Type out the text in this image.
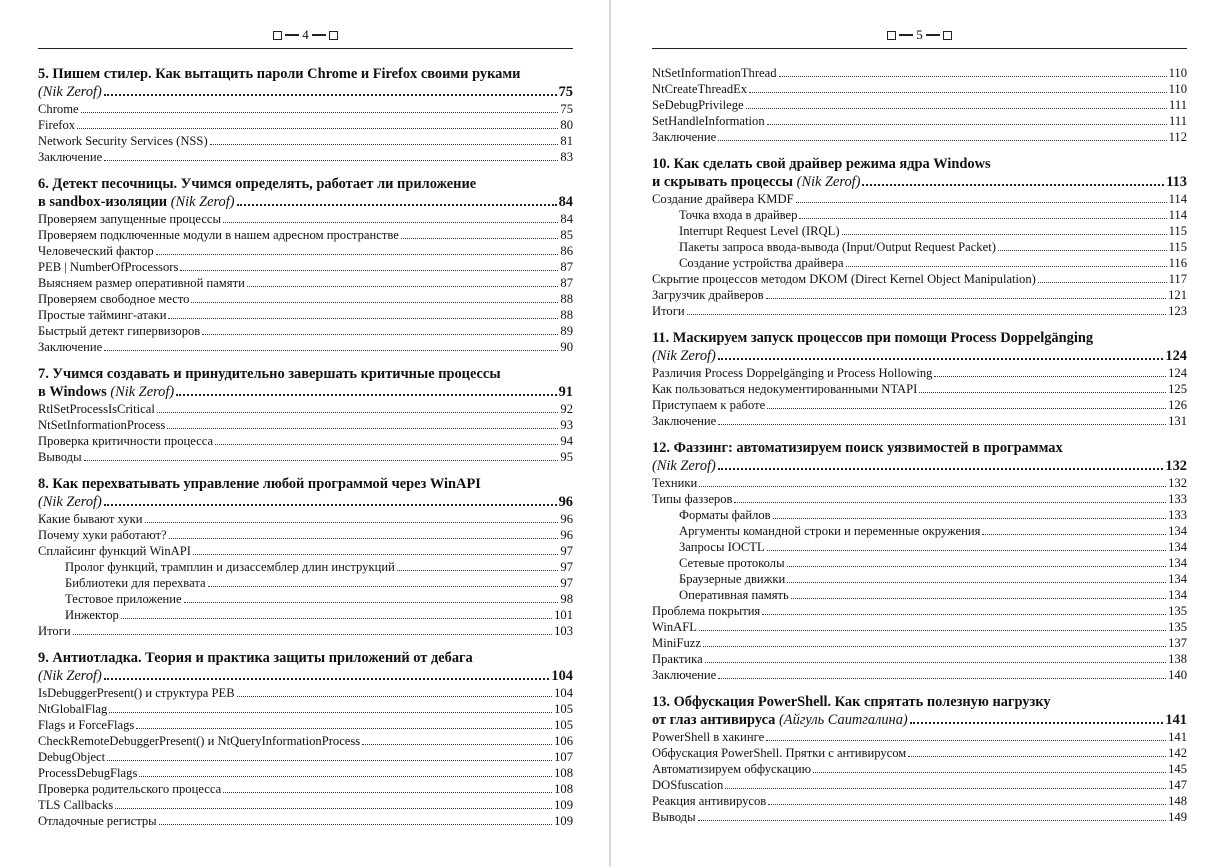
4
5. Пишем стилер. Как вытащить пароли Chrome и Firefox своими руками
(Nik Zerof)	75
Chrome	75
Firefox	80
Network Security Services (NSS)	81
Заключение	83
6. Детект песочницы. Учимся определять, работает ли приложение
в sandbox-изоляции (Nik Zerof)	84
Проверяем запущенные процессы	84
Проверяем подключенные модули в нашем адресном пространстве	85
Человеческий фактор	86
PEB | NumberOfProcessors	87
Выясняем размер оперативной памяти	87
Проверяем свободное место	88
Простые тайминг-атаки	88
Быстрый детект гипервизоров	89
Заключение	90
7. Учимся создавать и принудительно завершать критичные процессы
в Windows (Nik Zerof)	91
RtlSetProcessIsCritical	92
NtSetInformationProcess	93
Проверка критичности процесса	94
Выводы	95
8. Как перехватывать управление любой программой через WinAPI
(Nik Zerof)	96
Какие бывают хуки	96
Почему хуки работают?	96
Сплайсинг функций WinAPI	97
Пролог функций, трамплин и дизассемблер длин инструкций	97
Библиотеки для перехвата	97
Тестовое приложение	98
Инжектор	101
Итоги	103
9. Антиотладка. Теория и практика защиты приложений от дебага
(Nik Zerof)	104
IsDebuggerPresent() и структура PEB	104
NtGlobalFlag	105
Flags и ForceFlags	105
CheckRemoteDebuggerPresent() и NtQueryInformationProcess	106
DebugObject	107
ProcessDebugFlags	108
Проверка родительского процесса	108
TLS Callbacks	109
Отладочные регистры	109
5
NtSetInformationThread	110
NtCreateThreadEx	110
SeDebugPrivilege	111
SetHandleInformation	111
Заключение	112
10. Как сделать свой драйвер режима ядра Windows
и скрывать процессы (Nik Zerof)	113
Создание драйвера KMDF	114
Точка входа в драйвер	114
Interrupt Request Level (IRQL)	115
Пакеты запроса ввода-вывода (Input/Output Request Packet)	115
Создание устройства драйвера	116
Скрытие процессов методом DKOM (Direct Kernel Object Manipulation)	117
Загрузчик драйверов	121
Итоги	123
11. Маскируем запуск процессов при помощи Process Doppelgänging
(Nik Zerof)	124
Различия Process Doppelgänging и Process Hollowing	124
Как пользоваться недокументированными NTAPI	125
Приступаем к работе	126
Заключение	131
12. Фаззинг: автоматизируем поиск уязвимостей в программах
(Nik Zerof)	132
Техники	132
Типы фаззеров	133
Форматы файлов	133
Аргументы командной строки и переменные окружения	134
Запросы IOCTL	134
Сетевые протоколы	134
Браузерные движки	134
Оперативная память	134
Проблема покрытия	135
WinAFL	135
MiniFuzz	137
Практика	138
Заключение	140
13. Обфускация PowerShell. Как спрятать полезную нагрузку
от глаз антивируса (Айгуль Саитгалина)	141
PowerShell в хакинге	141
Обфускация PowerShell. Прятки с антивирусом	142
Автоматизируем обфускацию	145
DOSfuscation	147
Реакция антивирусов	148
Выводы	149
